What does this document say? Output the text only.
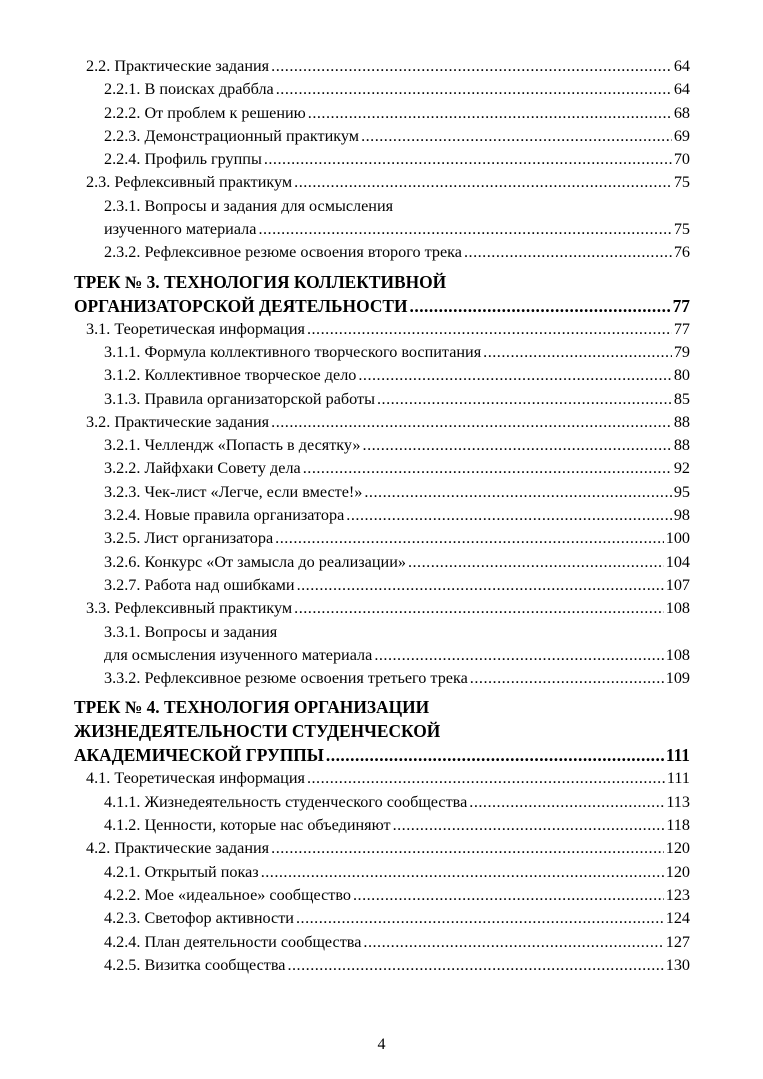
2.2. Практические задания .....	64
2.2.1. В поисках драббла .....	64
2.2.2. От проблем к решению .....	68
2.2.3. Демонстрационный практикум .....	69
2.2.4. Профиль группы .....	70
2.3. Рефлексивный практикум .....	75
2.3.1. Вопросы и задания для осмысления
изученного материала .....	75
2.3.2. Рефлексивное резюме освоения второго трека .....	76
ТРЕК № 3. ТЕХНОЛОГИЯ КОЛЛЕКТИВНОЙ
ОРГАНИЗАТОРСКОЙ ДЕЯТЕЛЬНОСТИ .....	77
3.1. Теоретическая информация .....	77
3.1.1. Формула коллективного творческого воспитания .....	79
3.1.2. Коллективное творческое дело .....	80
3.1.3. Правила организаторской работы .....	85
3.2. Практические задания .....	88
3.2.1. Челлендж «Попасть в десятку» .....	88
3.2.2. Лайфхаки Совету дела .....	92
3.2.3. Чек-лист «Легче, если вместе!» .....	95
3.2.4. Новые правила организатора .....	98
3.2.5. Лист организатора .....	100
3.2.6. Конкурс «От замысла до реализации» .....	104
3.2.7. Работа над ошибками .....	107
3.3. Рефлексивный практикум .....	108
3.3.1. Вопросы и задания
для осмысления изученного материала .....	108
3.3.2. Рефлексивное резюме освоения третьего трека .....	109
ТРЕК № 4. ТЕХНОЛОГИЯ ОРГАНИЗАЦИИ
ЖИЗНЕДЕЯТЕЛЬНОСТИ СТУДЕНЧЕСКОЙ
АКАДЕМИЧЕСКОЙ ГРУППЫ .....	111
4.1. Теоретическая информация .....	111
4.1.1. Жизнедеятельность студенческого сообщества .....	113
4.1.2. Ценности, которые нас объединяют .....	118
4.2. Практические задания .....	120
4.2.1. Открытый показ .....	120
4.2.2. Мое «идеальное» сообщество .....	123
4.2.3. Светофор активности .....	124
4.2.4. План деятельности сообщества .....	127
4.2.5. Визитка сообщества .....	130
4
